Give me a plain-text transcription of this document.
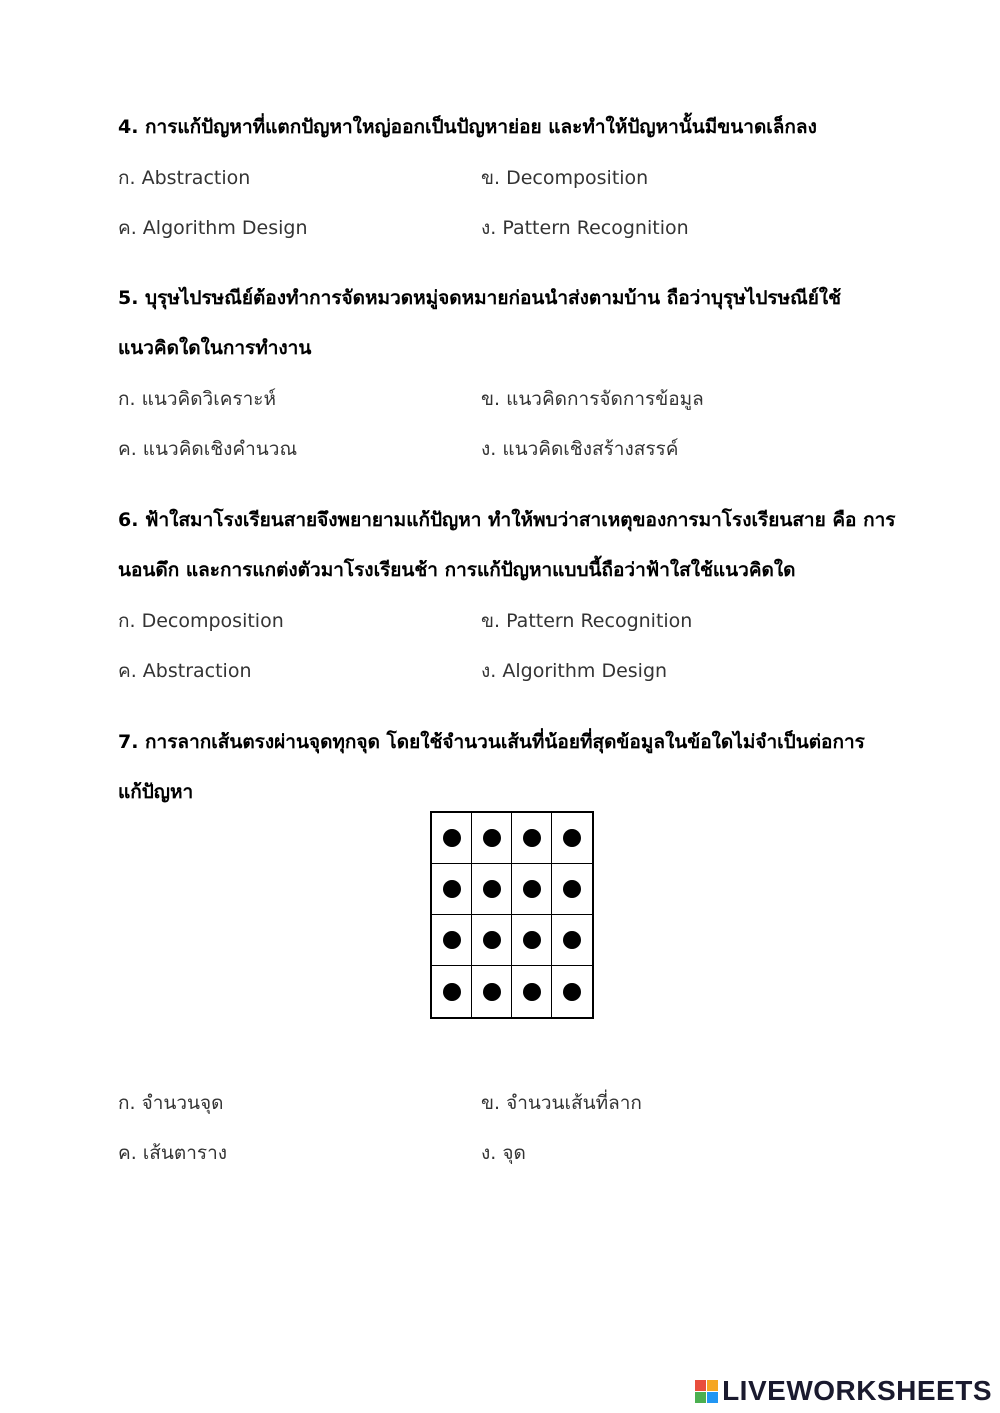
4. การแก้ปัญหาที่แตกปัญหาใหญ่ออกเป็นปัญหาย่อย และทำให้ปัญหานั้นมีขนาดเล็กลง
ก. Abstraction	ข. Decomposition
ค. Algorithm Design	ง. Pattern Recognition
5. บุรุษไปรษณีย์ต้องทำการจัดหมวดหมู่จดหมายก่อนนำส่งตามบ้าน ถือว่าบุรุษไปรษณีย์ใช้
แนวคิดใดในการทำงาน
ก. แนวคิดวิเคราะห์	ข. แนวคิดการจัดการข้อมูล
ค. แนวคิดเชิงคำนวณ	ง. แนวคิดเชิงสร้างสรรค์
6. ฟ้าใสมาโรงเรียนสายจึงพยายามแก้ปัญหา ทำให้พบว่าสาเหตุของการมาโรงเรียนสาย คือ การ
นอนดึก และการแกต่งตัวมาโรงเรียนช้า การแก้ปัญหาแบบนี้ถือว่าฟ้าใสใช้แนวคิดใด
ก. Decomposition	ข. Pattern Recognition
ค. Abstraction	ง. Algorithm Design
7. การลากเส้นตรงผ่านจุดทุกจุด โดยใช้จำนวนเส้นที่น้อยที่สุดข้อมูลในข้อใดไม่จำเป็นต่อการ
แก้ปัญหา
ก. จำนวนจุด	ข. จำนวนเส้นที่ลาก
ค. เส้นตาราง	ง. จุด
LIVEWORKSHEETS
